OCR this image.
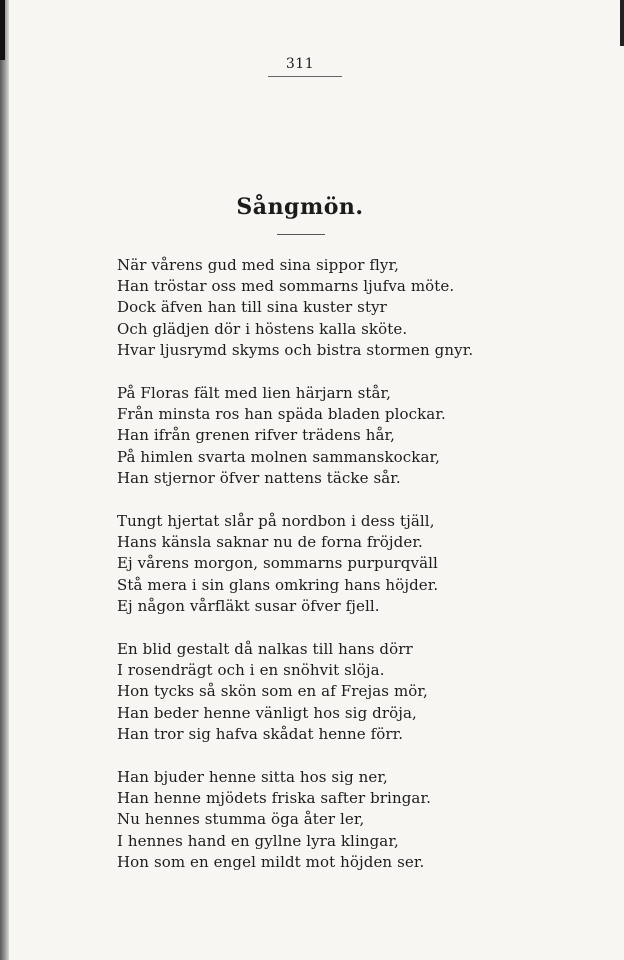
311
Sångmön.
När vårens gud med sina sippor flyr,
Han tröstar oss med sommarns ljufva möte.
Dock äfven han till sina kuster styr
Och glädjen dör i höstens kalla sköte.
Hvar ljusrymd skyms och bistra stormen gnyr.
På Floras fält med lien härjarn står,
Från minsta ros han späda bladen plockar.
Han ifrån grenen rifver trädens hår,
På himlen svarta molnen sammanskockar,
Han stjernor öfver nattens täcke sår.
Tungt hjertat slår på nordbon i dess tjäll,
Hans känsla saknar nu de forna fröjder.
Ej vårens morgon, sommarns purpurqväll
Stå mera i sin glans omkring hans höjder.
Ej någon vårfläkt susar öfver fjell.
En blid gestalt då nalkas till hans dörr
I rosendrägt och i en snöhvit slöja.
Hon tycks så skön som en af Frejas mör,
Han beder henne vänligt hos sig dröja,
Han tror sig hafva skådat henne förr.
Han bjuder henne sitta hos sig ner,
Han henne mjödets friska safter bringar.
Nu hennes stumma öga åter ler,
I hennes hand en gyllne lyra klingar,
Hon som en engel mildt mot höjden ser.
